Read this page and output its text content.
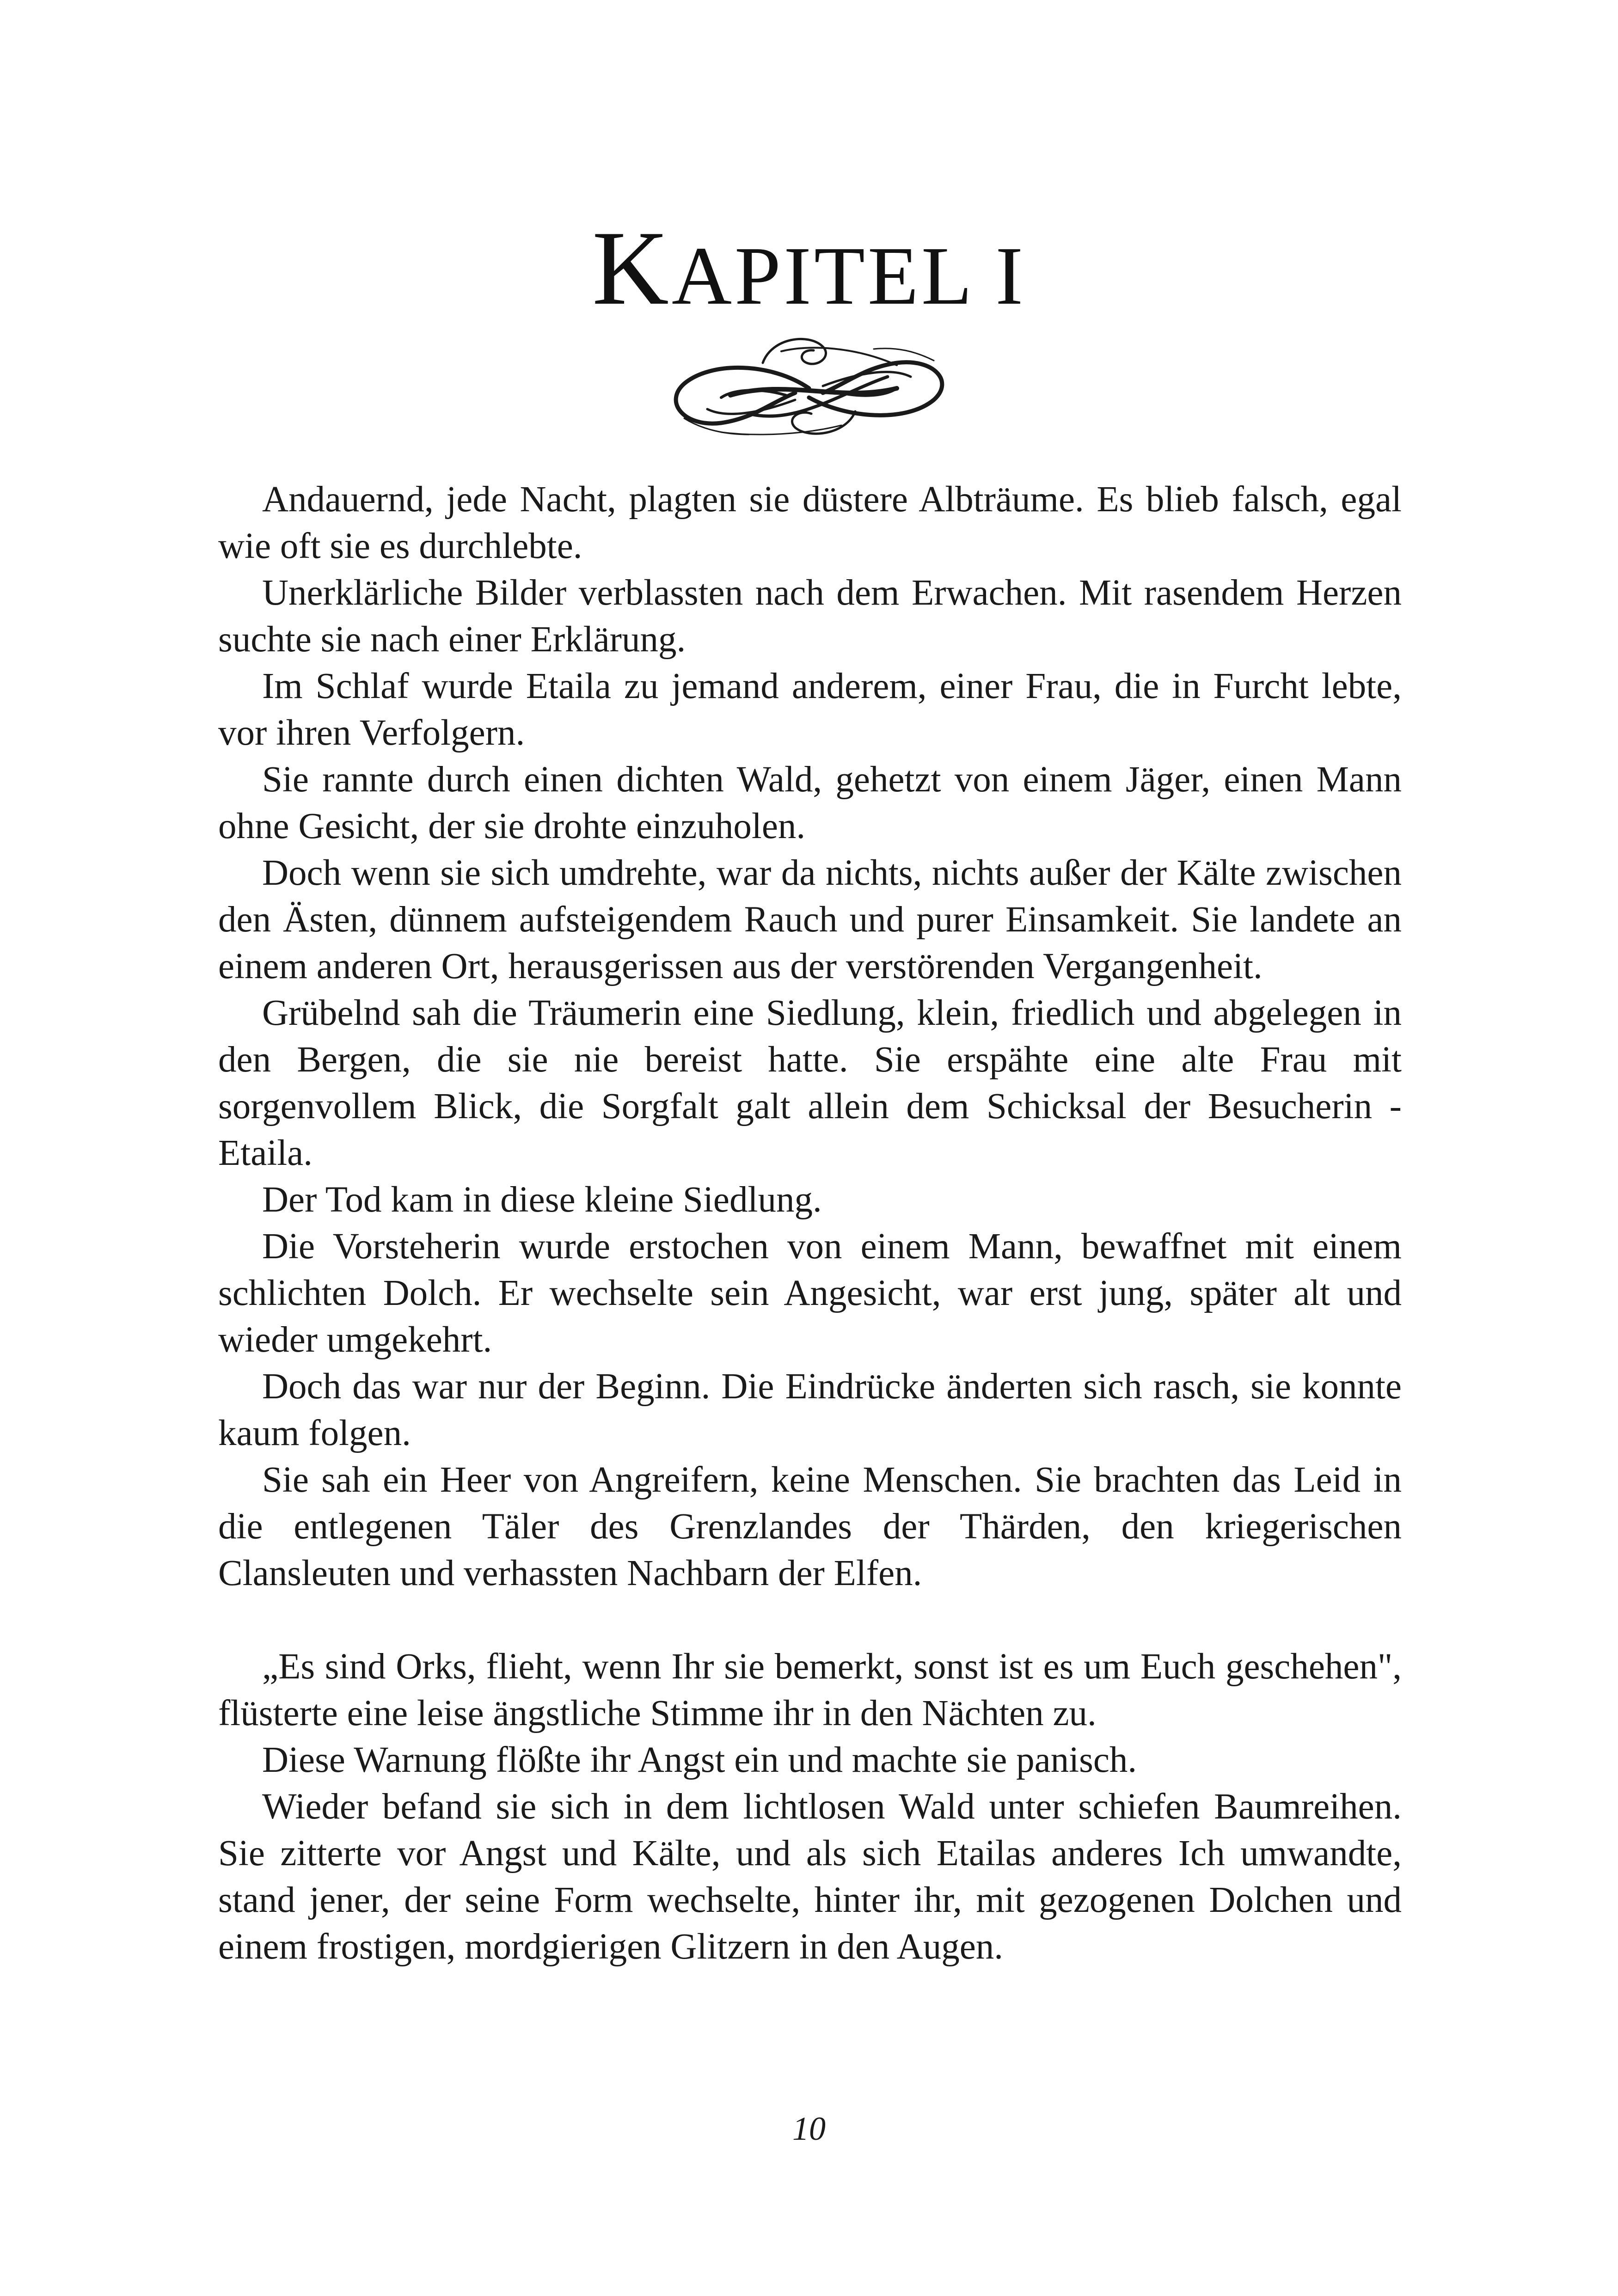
KAPITEL I

Andauernd, jede Nacht, plagten sie düstere Albträume. Es blieb falsch, egal wie oft sie es durchlebte.

Unerklärliche Bilder verblassten nach dem Erwachen. Mit rasendem Herzen suchte sie nach einer Erklärung.

Im Schlaf wurde Etaila zu jemand anderem, einer Frau, die in Furcht lebte, vor ihren Verfolgern.

Sie rannte durch einen dichten Wald, gehetzt von einem Jäger, einen Mann ohne Gesicht, der sie drohte einzuholen.

Doch wenn sie sich umdrehte, war da nichts, nichts außer der Kälte zwischen den Ästen, dünnem aufsteigendem Rauch und purer Einsamkeit. Sie landete an einem anderen Ort, herausgerissen aus der verstörenden Vergangenheit.

Grübelnd sah die Träumerin eine Siedlung, klein, friedlich und abgelegen in den Bergen, die sie nie bereist hatte. Sie erspähte eine alte Frau mit sorgenvollem Blick, die Sorgfalt galt allein dem Schicksal der Besucherin - Etaila.

Der Tod kam in diese kleine Siedlung.

Die Vorsteherin wurde erstochen von einem Mann, bewaffnet mit einem schlichten Dolch. Er wechselte sein Angesicht, war erst jung, später alt und wieder umgekehrt.

Doch das war nur der Beginn. Die Eindrücke änderten sich rasch, sie konnte kaum folgen.

Sie sah ein Heer von Angreifern, keine Menschen. Sie brachten das Leid in die entlegenen Täler des Grenzlandes der Thärden, den kriegerischen Clansleuten und verhassten Nachbarn der Elfen.

„Es sind Orks, flieht, wenn Ihr sie bemerkt, sonst ist es um Euch geschehen", flüsterte eine leise ängstliche Stimme ihr in den Nächten zu.

Diese Warnung flößte ihr Angst ein und machte sie panisch.

Wieder befand sie sich in dem lichtlosen Wald unter schiefen Baumreihen. Sie zitterte vor Angst und Kälte, und als sich Etailas anderes Ich umwandte, stand jener, der seine Form wechselte, hinter ihr, mit gezogenen Dolchen und einem frostigen, mordgierigen Glitzern in den Augen.

10
